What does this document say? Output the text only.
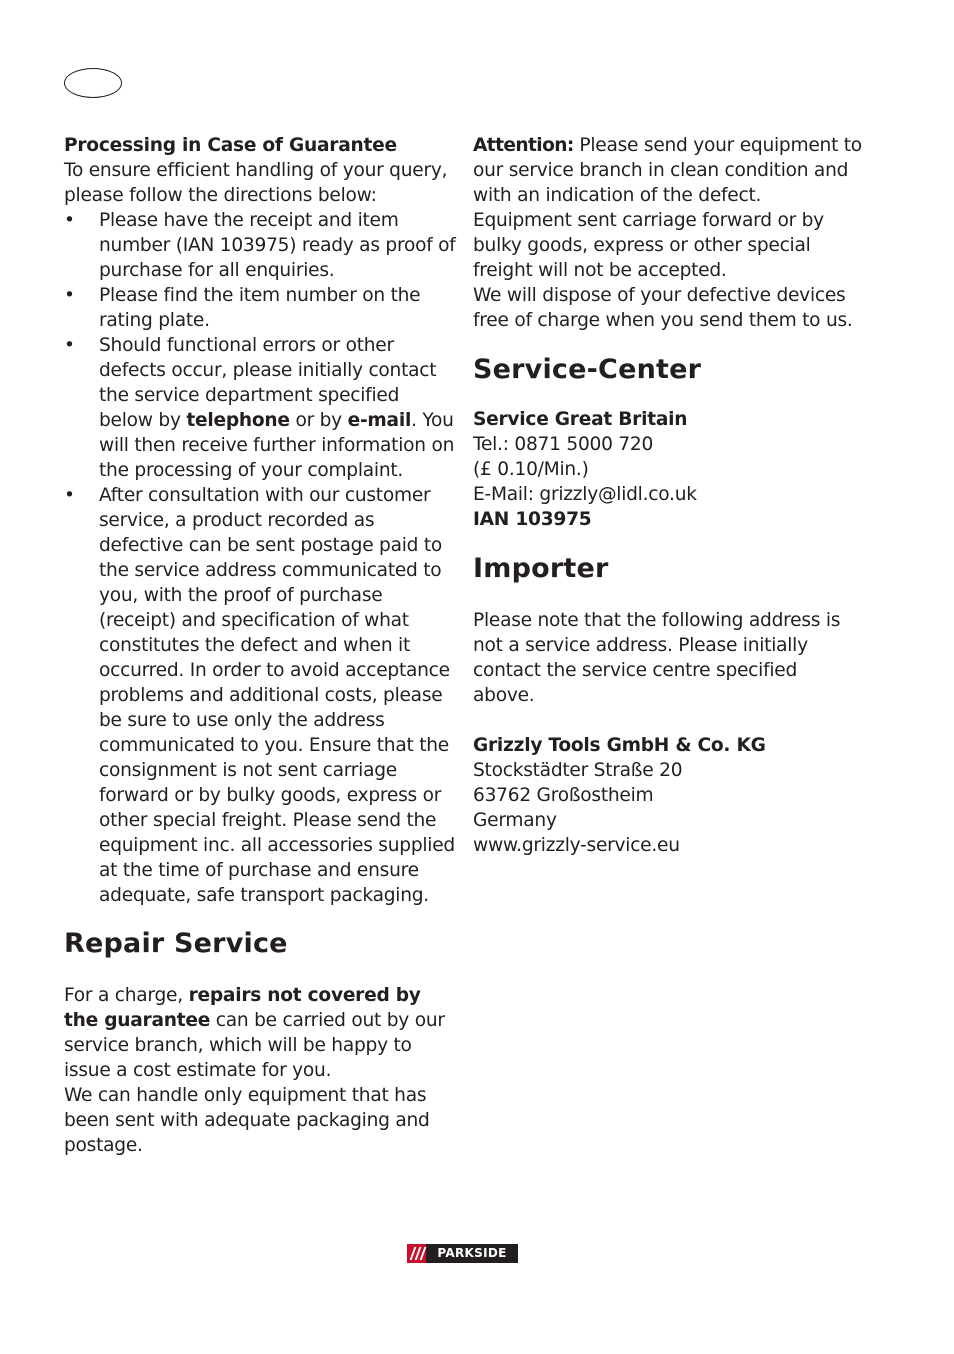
Processing in Case of Guarantee

To ensure efficient handling of your query, please follow the directions below:

• Please have the receipt and item number (IAN 103975) ready as proof of purchase for all enquiries.
• Please find the item number on the rating plate.
• Should functional errors or other defects occur, please initially contact the service department specified below by telephone or by e-mail. You will then receive further information on the processing of your complaint.
• After consultation with our customer service, a product recorded as defective can be sent postage paid to the service address communicated to you, with the proof of purchase (receipt) and specification of what constitutes the defect and when it occurred. In order to avoid acceptance problems and additional costs, please be sure to use only the address communicated to you. Ensure that the consignment is not sent carriage forward or by bulky goods, express or other special freight. Please send the equipment inc. all accessories supplied at the time of purchase and ensure adequate, safe transport packaging.
Repair Service

For a charge, repairs not covered by the guarantee can be carried out by our service branch, which will be happy to issue a cost estimate for you.

We can handle only equipment that has been sent with adequate packaging and postage.

Attention: Please send your equipment to our service branch in clean condition and with an indication of the defect.

Equipment sent carriage forward or by bulky goods, express or other special freight will not be accepted.

We will dispose of your defective devices free of charge when you send them to us.

Service-Center

Service Great Britain

Tel.: 0871 5000 720

(£ 0.10/Min.)

E-Mail: grizzly@lidl.co.uk

IAN 103975

Importer

Please note that the following address is not a service address. Please initially contact the service centre specified above.

Grizzly Tools GmbH & Co. KG

Stockstädter Straße 20

63762 Großostheim

Germany

www.grizzly-service.eu

PARKSIDE
